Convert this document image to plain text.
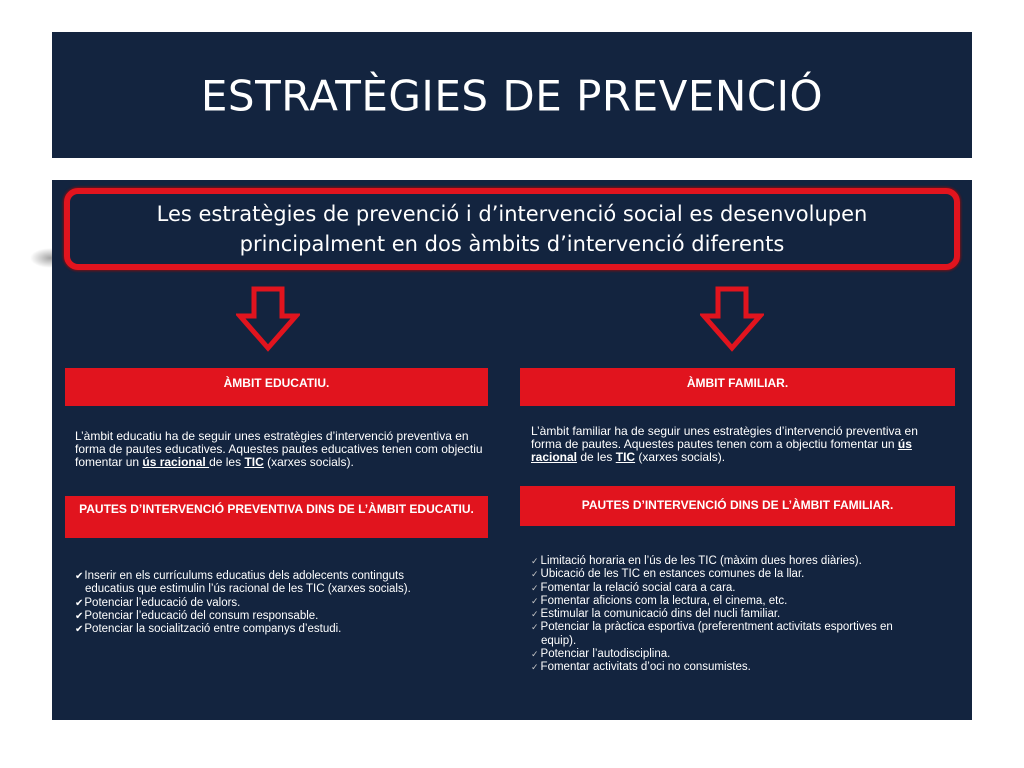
ESTRATÈGIES DE PREVENCIÓ
Les estratègies de prevenció i d’intervenció social es desenvolupen principalment en dos àmbits d’intervenció diferents
ÀMBIT EDUCATIU.
L’àmbit educatiu ha de seguir unes estratègies d’intervenció preventiva en forma de pautes educatives. Aquestes pautes educatives tenen com objectiu fomentar un ús racional de les TIC (xarxes socials).
PAUTES D’INTERVENCIÓ PREVENTIVA DINS DE L’ÀMBIT EDUCATIU.
✔Inserir en els currículums educatius dels adolecents continguts
educatius que estimulin l’ús racional de les TIC (xarxes socials).
✔Potenciar l’educació de valors.
✔Potenciar l’educació del consum responsable.
✔Potenciar la socialització entre companys d’estudi.
ÀMBIT FAMILIAR.
L’àmbit familiar ha de seguir unes estratègies d’intervenció preventiva en forma de pautes. Aquestes pautes tenen com a objectiu fomentar un ús racional de les TIC (xarxes socials).
PAUTES D’INTERVENCIÓ DINS DE L’ÀMBIT FAMILIAR.
✓ Limitació horaria en l’ús de les TIC (màxim dues hores diàries).
✓ Ubicació de les TIC en estances comunes de la llar.
✓ Fomentar la relació social cara a cara.
✓ Fomentar aficions com la lectura, el cinema, etc.
✓ Estimular la comunicació dins del nucli familiar.
✓ Potenciar la pràctica esportiva (preferentment activitats esportives en
equip).
✓ Potenciar l’autodisciplina.
✓ Fomentar activitats d’oci no consumistes.
